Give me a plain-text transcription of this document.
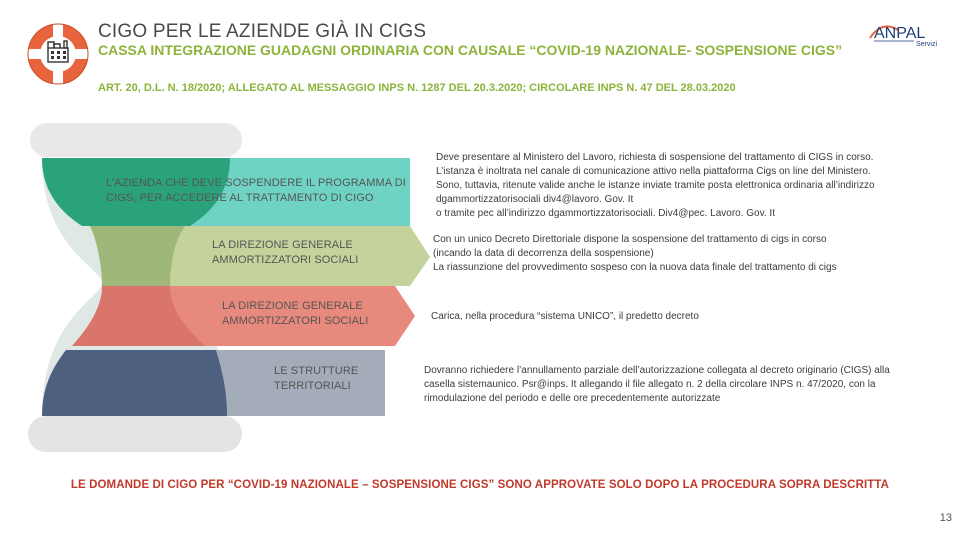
CIGO PER LE AZIENDE GIÀ IN CIGS
CASSA INTEGRAZIONE GUADAGNI ORDINARIA CON CAUSALE “COVID-19 NAZIONALE- SOSPENSIONE CIGS”
ART. 20, D.L. N. 18/2020; ALLEGATO AL MESSAGGIO INPS N. 1287 DEL 20.3.2020; CIRCOLARE INPS N. 47 DEL 28.03.2020
ANPAL
Servizi
L’AZIENDA CHE DEVE SOSPENDERE IL PROGRAMMA DI CIGS, PER ACCEDERE AL TRATTAMENTO DI CIGO
LA DIREZIONE GENERALE AMMORTIZZATORI SOCIALI
LA DIREZIONE GENERALE AMMORTIZZATORI SOCIALI
LE STRUTTURE TERRITORIALI
Deve presentare al Ministero del Lavoro, richiesta di sospensione del trattamento di CIGS in corso.
L’istanza è inoltrata nel canale di comunicazione attivo nella piattaforma Cigs on line del Ministero.
Sono, tuttavia, ritenute valide anche le istanze inviate tramite posta elettronica ordinaria all’indirizzo
dgammortizzatorisociali div4@lavoro. Gov. It
o tramite pec all’indirizzo dgammortizzatorisociali. Div4@pec. Lavoro. Gov. It
Con un unico Decreto Direttoriale dispone la sospensione del trattamento di cigs in corso
(incando la data di decorrenza della sospensione)
La riassunzione del provvedimento sospeso con la nuova data finale del trattamento di cigs
Carica, nella procedura “sistema UNICO”, il predetto decreto
Dovranno richiedere l’annullamento parziale dell’autorizzazione collegata al decreto originario (CIGS) alla
casella sistemaunico. Psr@inps. It allegando il file allegato n. 2 della circolare INPS n. 47/2020, con la
rimodulazione del periodo e delle ore precedentemente autorizzate
LE DOMANDE DI CIGO PER “COVID-19 NAZIONALE – SOSPENSIONE CIGS” SONO APPROVATE SOLO DOPO LA PROCEDURA SOPRA DESCRITTA
13
